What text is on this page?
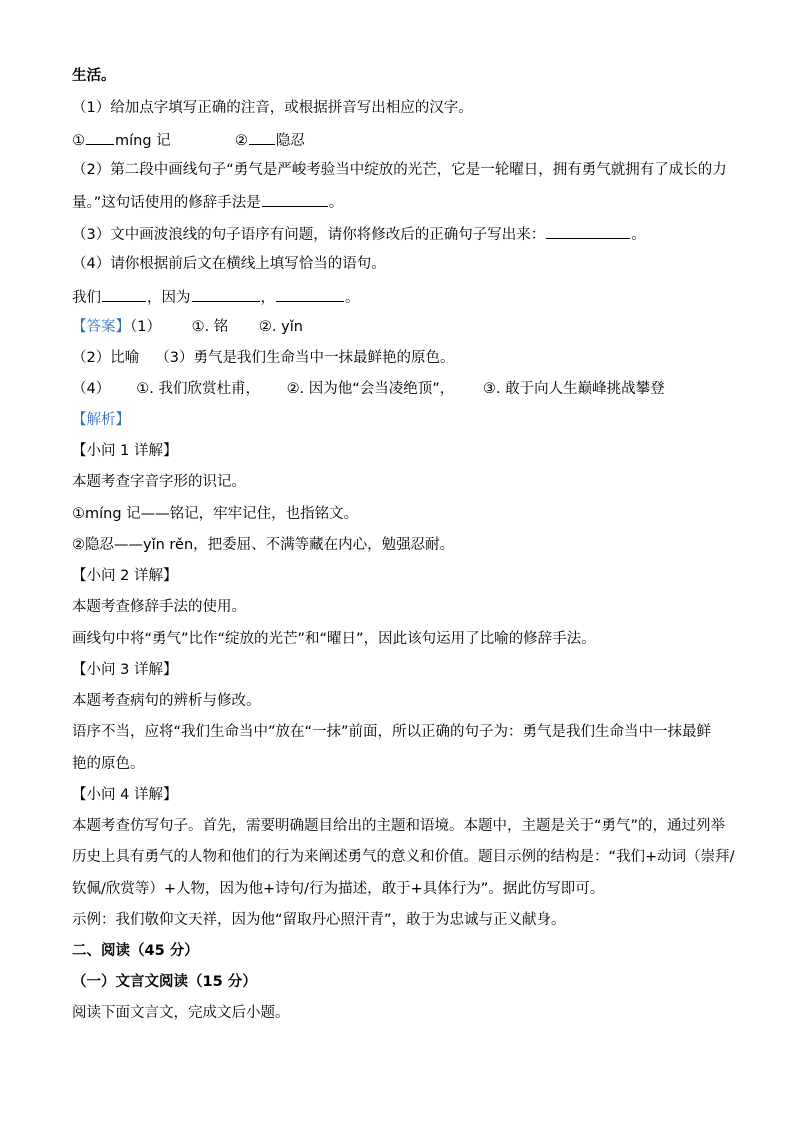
生活。
（1）给加点字填写正确的注音，或根据拼音写出相应的汉字。
① míng 记	② 隐忍
（2）第二段中画线句子“勇气是严峻考验当中绽放的光芒，它是一轮曜日，拥有勇气就拥有了成长的力
量。”这句话使用的修辞手法是	。
（3）文中画波浪线的句子语序有问题，请你将修改后的正确句子写出来：	。
（4）请你根据前后文在横线上填写恰当的语句。
我们	，因为	，	。
【答案】（1） ①. 铭 ②. yǐn
（2）比喻 （3）勇气是我们生命当中一抹最鲜艳的原色。
（4） ①. 我们欣赏杜甫， ②. 因为他“会当凌绝顶”， ③. 敢于向人生巅峰挑战攀登
【解析】
【小问 1 详解】
本题考查字音字形的识记。
①míng 记——铭记，牢牢记住，也指铭文。
②隐忍——yǐn rěn，把委屈、不满等藏在内心，勉强忍耐。
【小问 2 详解】
本题考查修辞手法的使用。
画线句中将“勇气”比作“绽放的光芒”和“曜日”，因此该句运用了比喻的修辞手法。
【小问 3 详解】
本题考查病句的辨析与修改。
语序不当，应将“我们生命当中”放在“一抹”前面，所以正确的句子为：勇气是我们生命当中一抹最鲜
艳的原色。
【小问 4 详解】
本题考查仿写句子。首先，需要明确题目给出的主题和语境。本题中，主题是关于“勇气”的，通过列举
历史上具有勇气的人物和他们的行为来阐述勇气的意义和价值。题目示例的结构是：“我们+动词（崇拜/
钦佩/欣赏等）+人物，因为他+诗句/行为描述，敢于+具体行为”。据此仿写即可。
示例：我们敬仰文天祥，因为他“留取丹心照汗青”，敢于为忠诚与正义献身。
二、阅读（45 分）
（一）文言文阅读（15 分）
阅读下面文言文，完成文后小题。
